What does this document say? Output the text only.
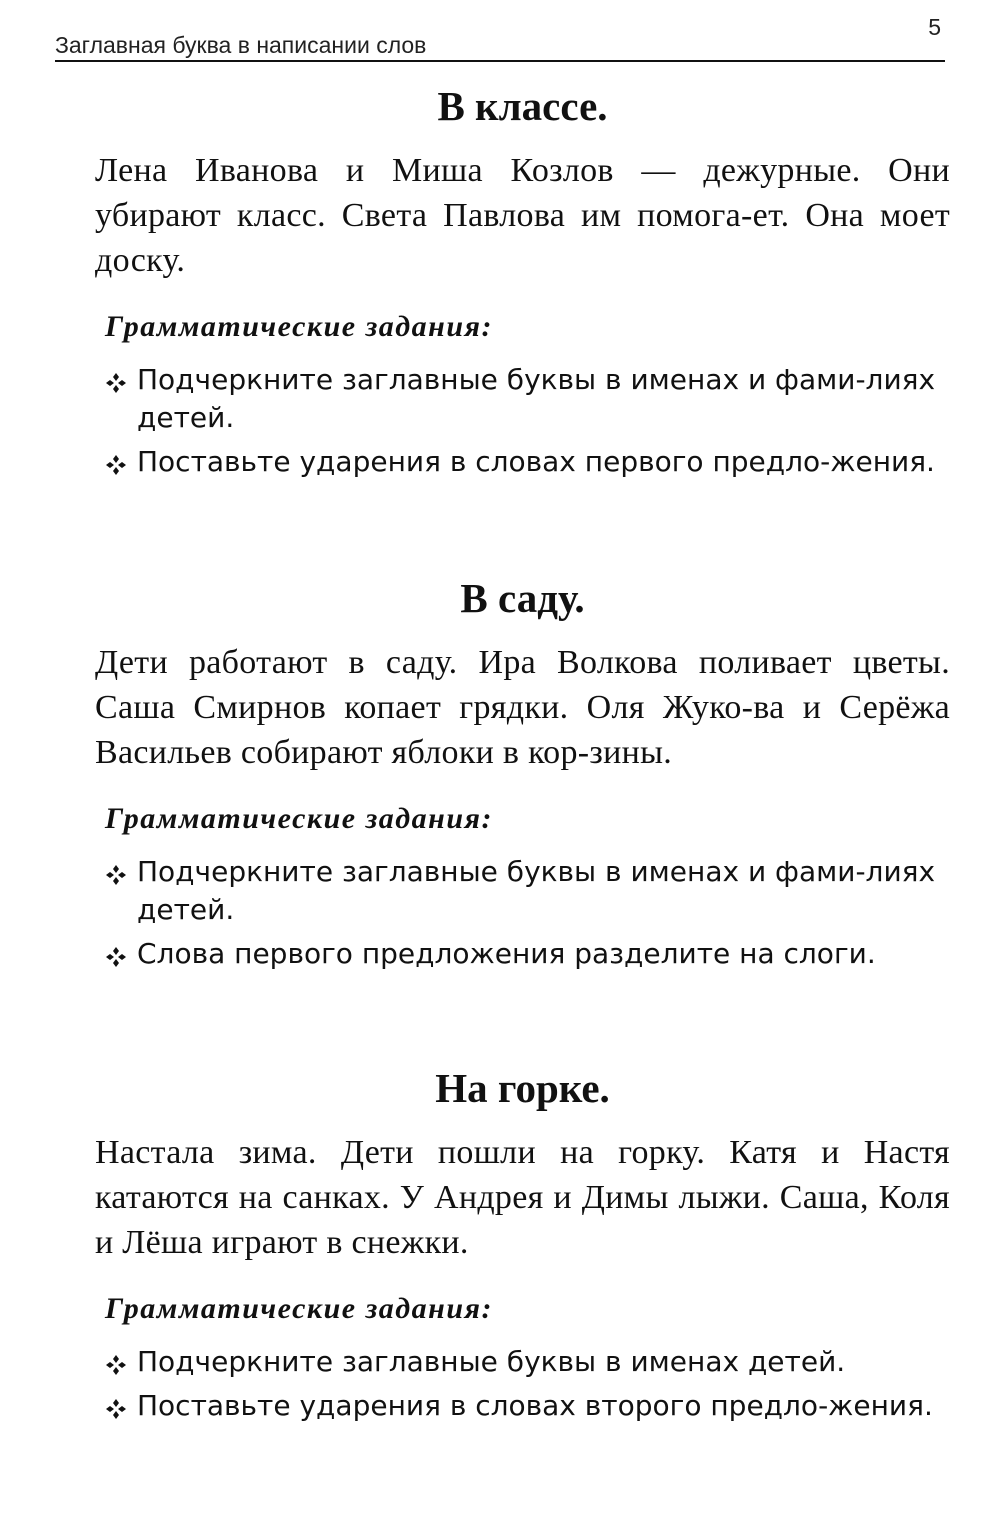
Заглавная буква в написании слов
5
В классе.

Лена Иванова и Миша Козлов — дежурные. Они убирают класс. Света Павлова им помога-ет. Она моет доску.

Грамматические задания:
Подчеркните заглавные буквы в именах и фами-лиях детей.
Поставьте ударения в словах первого предло-жения.
В саду.

Дети работают в саду. Ира Волкова поливает цветы. Саша Смирнов копает грядки. Оля Жуко-ва и Серёжа Васильев собирают яблоки в кор-зины.

Грамматические задания:
Подчеркните заглавные буквы в именах и фами-лиях детей.
Слова первого предложения разделите на слоги.
На горке.

Настала зима. Дети пошли на горку. Катя и Настя катаются на санках. У Андрея и Димы лыжи. Саша, Коля и Лёша играют в снежки.

Грамматические задания:
Подчеркните заглавные буквы в именах детей.
Поставьте ударения в словах второго предло-жения.
